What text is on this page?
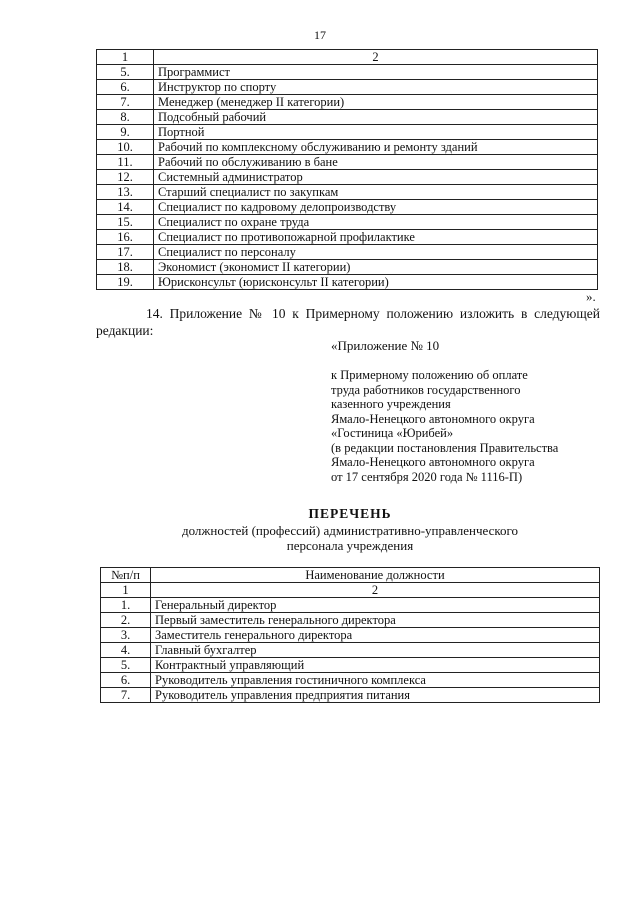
17
1	2
5.	Программист
6.	Инструктор по спорту
7.	Менеджер (менеджер II категории)
8.	Подсобный рабочий
9.	Портной
10.	Рабочий по комплексному обслуживанию и ремонту зданий
11.	Рабочий по обслуживанию в бане
12.	Системный администратор
13.	Старший специалист по закупкам
14.	Специалист по кадровому делопроизводству
15.	Специалист по охране труда
16.	Специалист по противопожарной профилактике
17.	Специалист по персоналу
18.	Экономист (экономист II категории)
19.	Юрисконсульт (юрисконсульт II категории)
».
14. Приложение № 10 к Примерному положению изложить в следующей редакции:
«Приложение № 10
к Примерному положению об оплате
труда работников государственного
казенного учреждения
Ямало-Ненецкого автономного округа
«Гостиница «Юрибей»
(в редакции постановления Правительства
Ямало-Ненецкого автономного округа
от 17 сентября 2020 года № 1116-П)
ПЕРЕЧЕНЬ
должностей (профессий) административно-управленческого
персонала учреждения
№п/п	Наименование должности
1	2
1.	Генеральный директор
2.	Первый заместитель генерального директора
3.	Заместитель генерального директора
4.	Главный бухгалтер
5.	Контрактный управляющий
6.	Руководитель управления гостиничного комплекса
7.	Руководитель управления предприятия питания
